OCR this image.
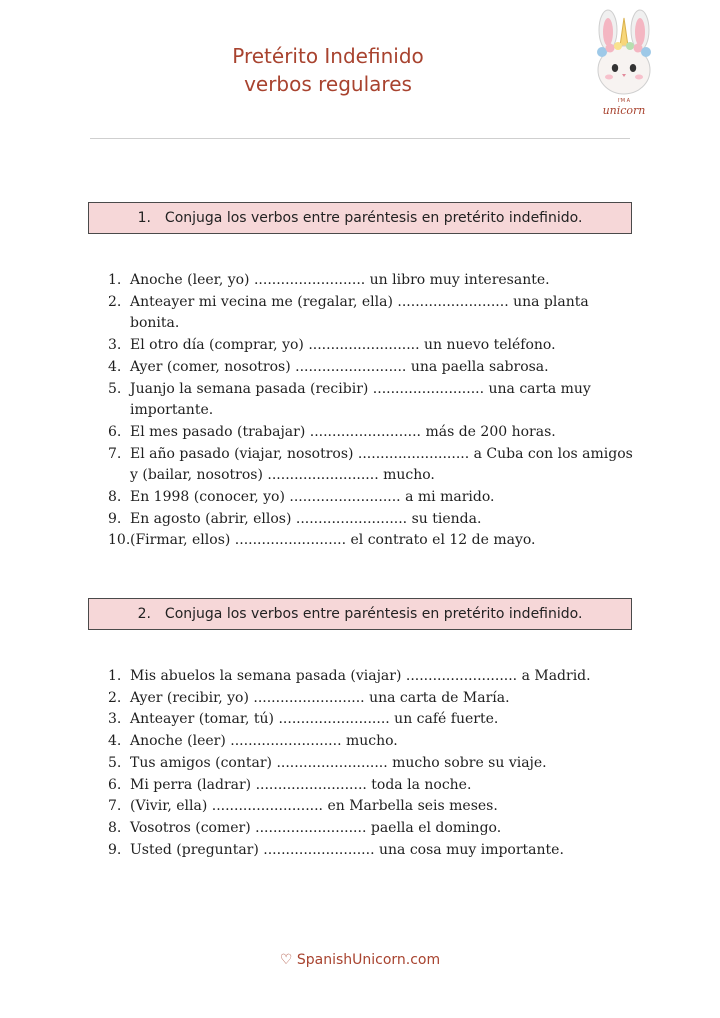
Pretérito Indefinido
verbos regulares
I'M A
unicorn
1. Conjuga los verbos entre paréntesis en pretérito indefinido.
1. Anoche (leer, yo) ......................... un libro muy interesante.
2. Anteayer mi vecina me (regalar, ella) ......................... una planta bonita.
3. El otro día (comprar, yo) ......................... un nuevo teléfono.
4. Ayer (comer, nosotros) ......................... una paella sabrosa.
5. Juanjo la semana pasada (recibir) ......................... una carta muy importante.
6. El mes pasado (trabajar) ......................... más de 200 horas.
7. El año pasado (viajar, nosotros) ......................... a Cuba con los amigos y (bailar, nosotros) ......................... mucho.
8. En 1998 (conocer, yo) ......................... a mi marido.
9. En agosto (abrir, ellos) ......................... su tienda.
10. (Firmar, ellos) ......................... el contrato el 12 de mayo.
2. Conjuga los verbos entre paréntesis en pretérito indefinido.
1. Mis abuelos la semana pasada (viajar) ......................... a Madrid.
2. Ayer (recibir, yo) ......................... una carta de María.
3. Anteayer (tomar, tú) ......................... un café fuerte.
4. Anoche (leer) ......................... mucho.
5. Tus amigos (contar) ......................... mucho sobre su viaje.
6. Mi perra (ladrar) ......................... toda la noche.
7. (Vivir, ella) ......................... en Marbella seis meses.
8. Vosotros (comer) ......................... paella el domingo.
9. Usted (preguntar) ......................... una cosa muy importante.
♡ SpanishUnicorn.com
